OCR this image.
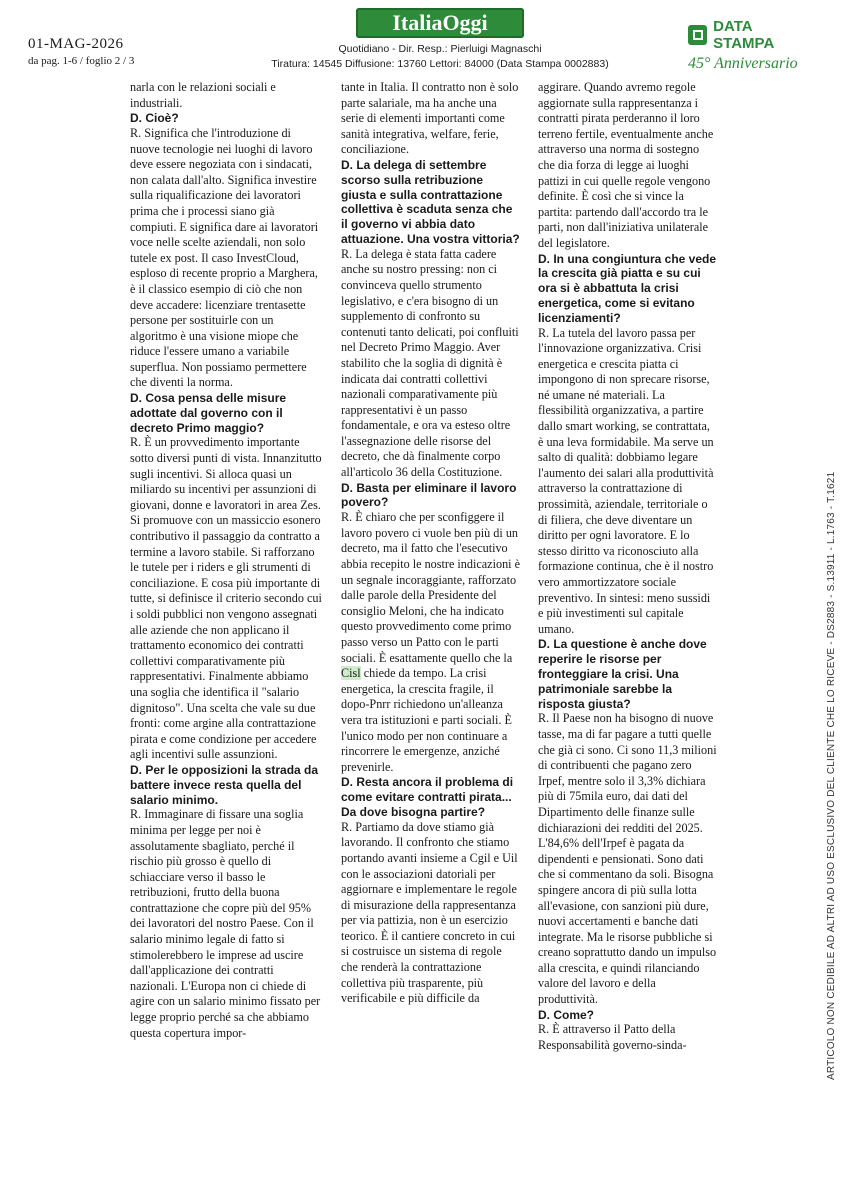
01-MAG-2026
da pag. 1-6 / foglio 2 / 3
ItaliaOggi
Quotidiano - Dir. Resp.: Pierluigi Magnaschi
Tiratura: 14545 Diffusione: 13760 Lettori: 84000 (Data Stampa 0002883)
DATA STAMPA
45° Anniversario
ARTICOLO NON CEDIBILE AD ALTRI AD USO ESCLUSIVO DEL CLIENTE CHE LO RICEVE - DS2883 - S.13911 - L.1763 - T.1621

narla con le relazioni sociali e industriali.

D. Cioè?

R. Significa che l'introduzione di nuove tecnologie nei luoghi di lavoro deve essere negoziata con i sindacati, non calata dall'alto. Significa investire sulla riqualificazione dei lavoratori prima che i processi siano già compiuti. E significa dare ai lavoratori voce nelle scelte aziendali, non solo tutele ex post. Il caso InvestCloud, esploso di recente proprio a Marghera, è il classico esempio di ciò che non deve accadere: licenziare trentasette persone per sostituirle con un algoritmo è una visione miope che riduce l'essere umano a variabile superflua. Non possiamo permettere che diventi la norma.

D. Cosa pensa delle misure adottate dal governo con il decreto Primo maggio?

R. È un provvedimento importante sotto diversi punti di vista. Innanzitutto sugli incentivi. Si alloca quasi un miliardo su incentivi per assunzioni di giovani, donne e lavoratori in area Zes. Si promuove con un massiccio esonero contributivo il passaggio da contratto a termine a lavoro stabile. Si rafforzano le tutele per i riders e gli strumenti di conciliazione. E cosa più importante di tutte, si definisce il criterio secondo cui i soldi pubblici non vengono assegnati alle aziende che non applicano il trattamento economico dei contratti collettivi comparativamente più rappresentativi. Finalmente abbiamo una soglia che identifica il "salario dignitoso". Una scelta che vale su due fronti: come argine alla contrattazione pirata e come condizione per accedere agli incentivi sulle assunzioni.

D. Per le opposizioni la strada da battere invece resta quella del salario minimo.

R. Immaginare di fissare una soglia minima per legge per noi è assolutamente sbagliato, perché il rischio più grosso è quello di schiacciare verso il basso le retribuzioni, frutto della buona contrattazione che copre più del 95% dei lavoratori del nostro Paese. Con il salario minimo legale di fatto si stimolerebbero le imprese ad uscire dall'applicazione dei contratti nazionali. L'Europa non ci chiede di agire con un salario minimo fissato per legge proprio perché sa che abbiamo questa copertura impor-

tante in Italia. Il contratto non è solo parte salariale, ma ha anche una serie di elementi importanti come sanità integrativa, welfare, ferie, conciliazione.

D. La delega di settembre scorso sulla retribuzione giusta e sulla contrattazione collettiva è scaduta senza che il governo vi abbia dato attuazione. Una vostra vittoria?

R. La delega è stata fatta cadere anche su nostro pressing: non ci convinceva quello strumento legislativo, e c'era bisogno di un supplemento di confronto su contenuti tanto delicati, poi confluiti nel Decreto Primo Maggio. Aver stabilito che la soglia di dignità è indicata dai contratti collettivi nazionali comparativamente più rappresentativi è un passo fondamentale, e ora va esteso oltre l'assegnazione delle risorse del decreto, che dà finalmente corpo all'articolo 36 della Costituzione.

D. Basta per eliminare il lavoro povero?

R. È chiaro che per sconfiggere il lavoro povero ci vuole ben più di un decreto, ma il fatto che l'esecutivo abbia recepito le nostre indicazioni è un segnale incoraggiante, rafforzato dalle parole della Presidente del consiglio Meloni, che ha indicato questo provvedimento come primo passo verso un Patto con le parti sociali. È esattamente quello che la Cisl chiede da tempo. La crisi energetica, la crescita fragile, il dopo-Pnrr richiedono un'alleanza vera tra istituzioni e parti sociali. È l'unico modo per non continuare a rincorrere le emergenze, anziché prevenirle.

D. Resta ancora il problema di come evitare contratti pirata... Da dove bisogna partire?

R. Partiamo da dove stiamo già lavorando. Il confronto che stiamo portando avanti insieme a Cgil e Uil con le associazioni datoriali per aggiornare e implementare le regole di misurazione della rappresentanza per via pattizia, non è un esercizio teorico. È il cantiere concreto in cui si costruisce un sistema di regole che renderà la contrattazione collettiva più trasparente, più verificabile e più difficile da

aggirare. Quando avremo regole aggiornate sulla rappresentanza i contratti pirata perderanno il loro terreno fertile, eventualmente anche attraverso una norma di sostegno che dia forza di legge ai luoghi pattizi in cui quelle regole vengono definite. È così che si vince la partita: partendo dall'accordo tra le parti, non dall'iniziativa unilaterale del legislatore.

D. In una congiuntura che vede la crescita già piatta e su cui ora si è abbattuta la crisi energetica, come si evitano licenziamenti?

R. La tutela del lavoro passa per l'innovazione organizzativa. Crisi energetica e crescita piatta ci impongono di non sprecare risorse, né umane né materiali. La flessibilità organizzativa, a partire dallo smart working, se contrattata, è una leva formidabile. Ma serve un salto di qualità: dobbiamo legare l'aumento dei salari alla produttività attraverso la contrattazione di prossimità, aziendale, territoriale o di filiera, che deve diventare un diritto per ogni lavoratore. E lo stesso diritto va riconosciuto alla formazione continua, che è il nostro vero ammortizzatore sociale preventivo. In sintesi: meno sussidi e più investimenti sul capitale umano.

D. La questione è anche dove reperire le risorse per fronteggiare la crisi. Una patrimoniale sarebbe la risposta giusta?

R. Il Paese non ha bisogno di nuove tasse, ma di far pagare a tutti quelle che già ci sono. Ci sono 11,3 milioni di contribuenti che pagano zero Irpef, mentre solo il 3,3% dichiara più di 75mila euro, dai dati del Dipartimento delle finanze sulle dichiarazioni dei redditi del 2025. L'84,6% dell'Irpef è pagata da dipendenti e pensionati. Sono dati che si commentano da soli. Bisogna spingere ancora di più sulla lotta all'evasione, con sanzioni più dure, nuovi accertamenti e banche dati integrate. Ma le risorse pubbliche si creano soprattutto dando un impulso alla crescita, e quindi rilanciando valore del lavoro e della produttività.

D. Come?

R. È attraverso il Patto della Responsabilità governo-sinda-
